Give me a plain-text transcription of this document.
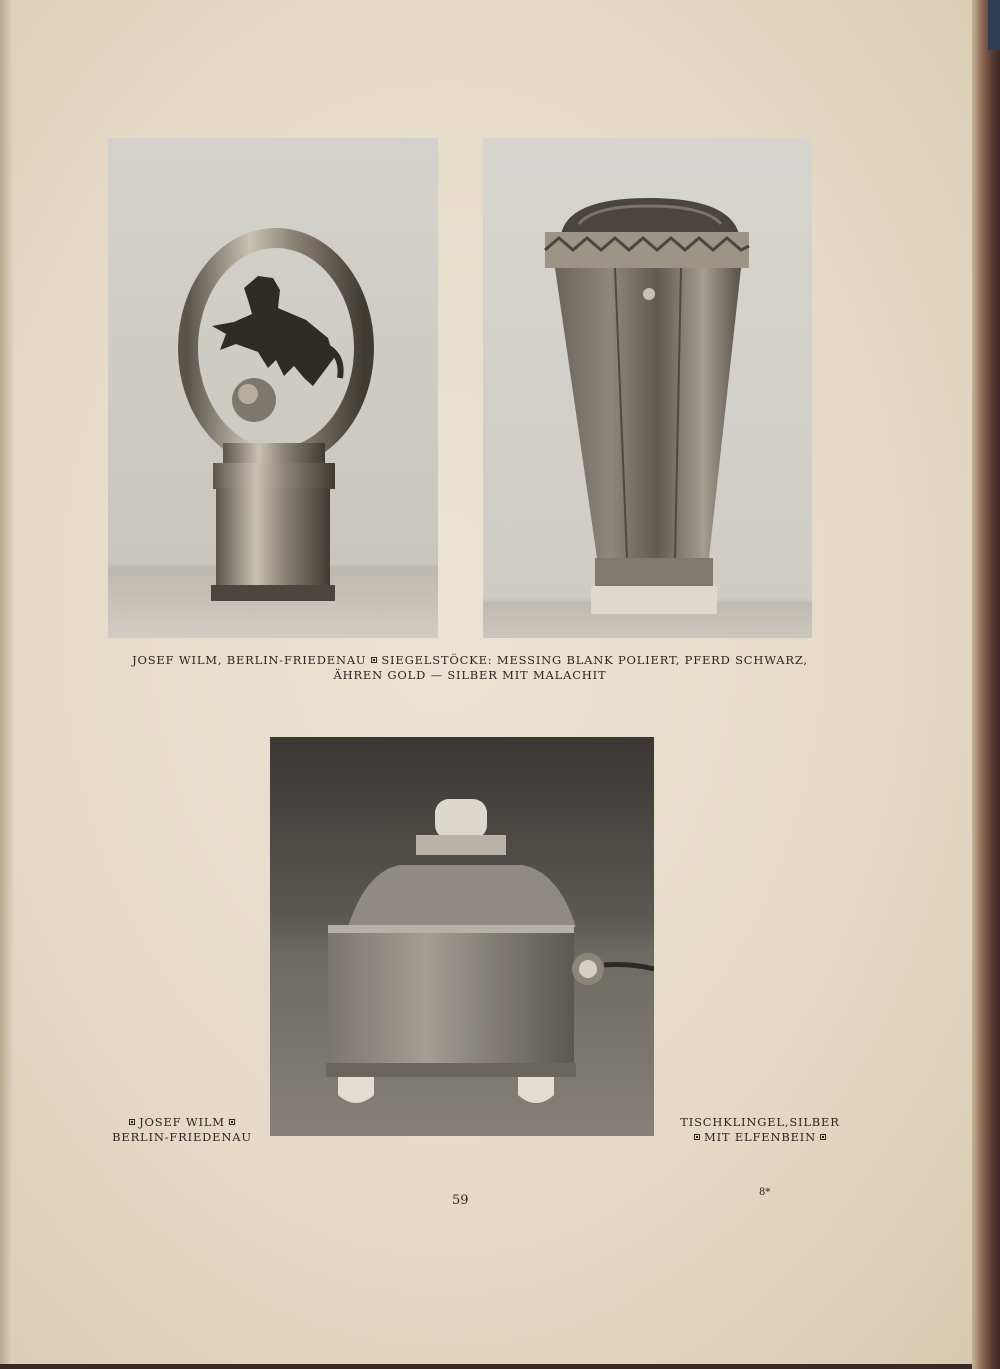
JOSEF WILM, BERLIN-FRIEDENAU SIEGELSTÖCKE: MESSING BLANK POLIERT, PFERD SCHWARZ,
ÄHREN GOLD — SILBER MIT MALACHIT
JOSEF WILM
BERLIN-FRIEDENAU
TISCHKLINGEL,SILBER
MIT ELFENBEIN
59
8*
